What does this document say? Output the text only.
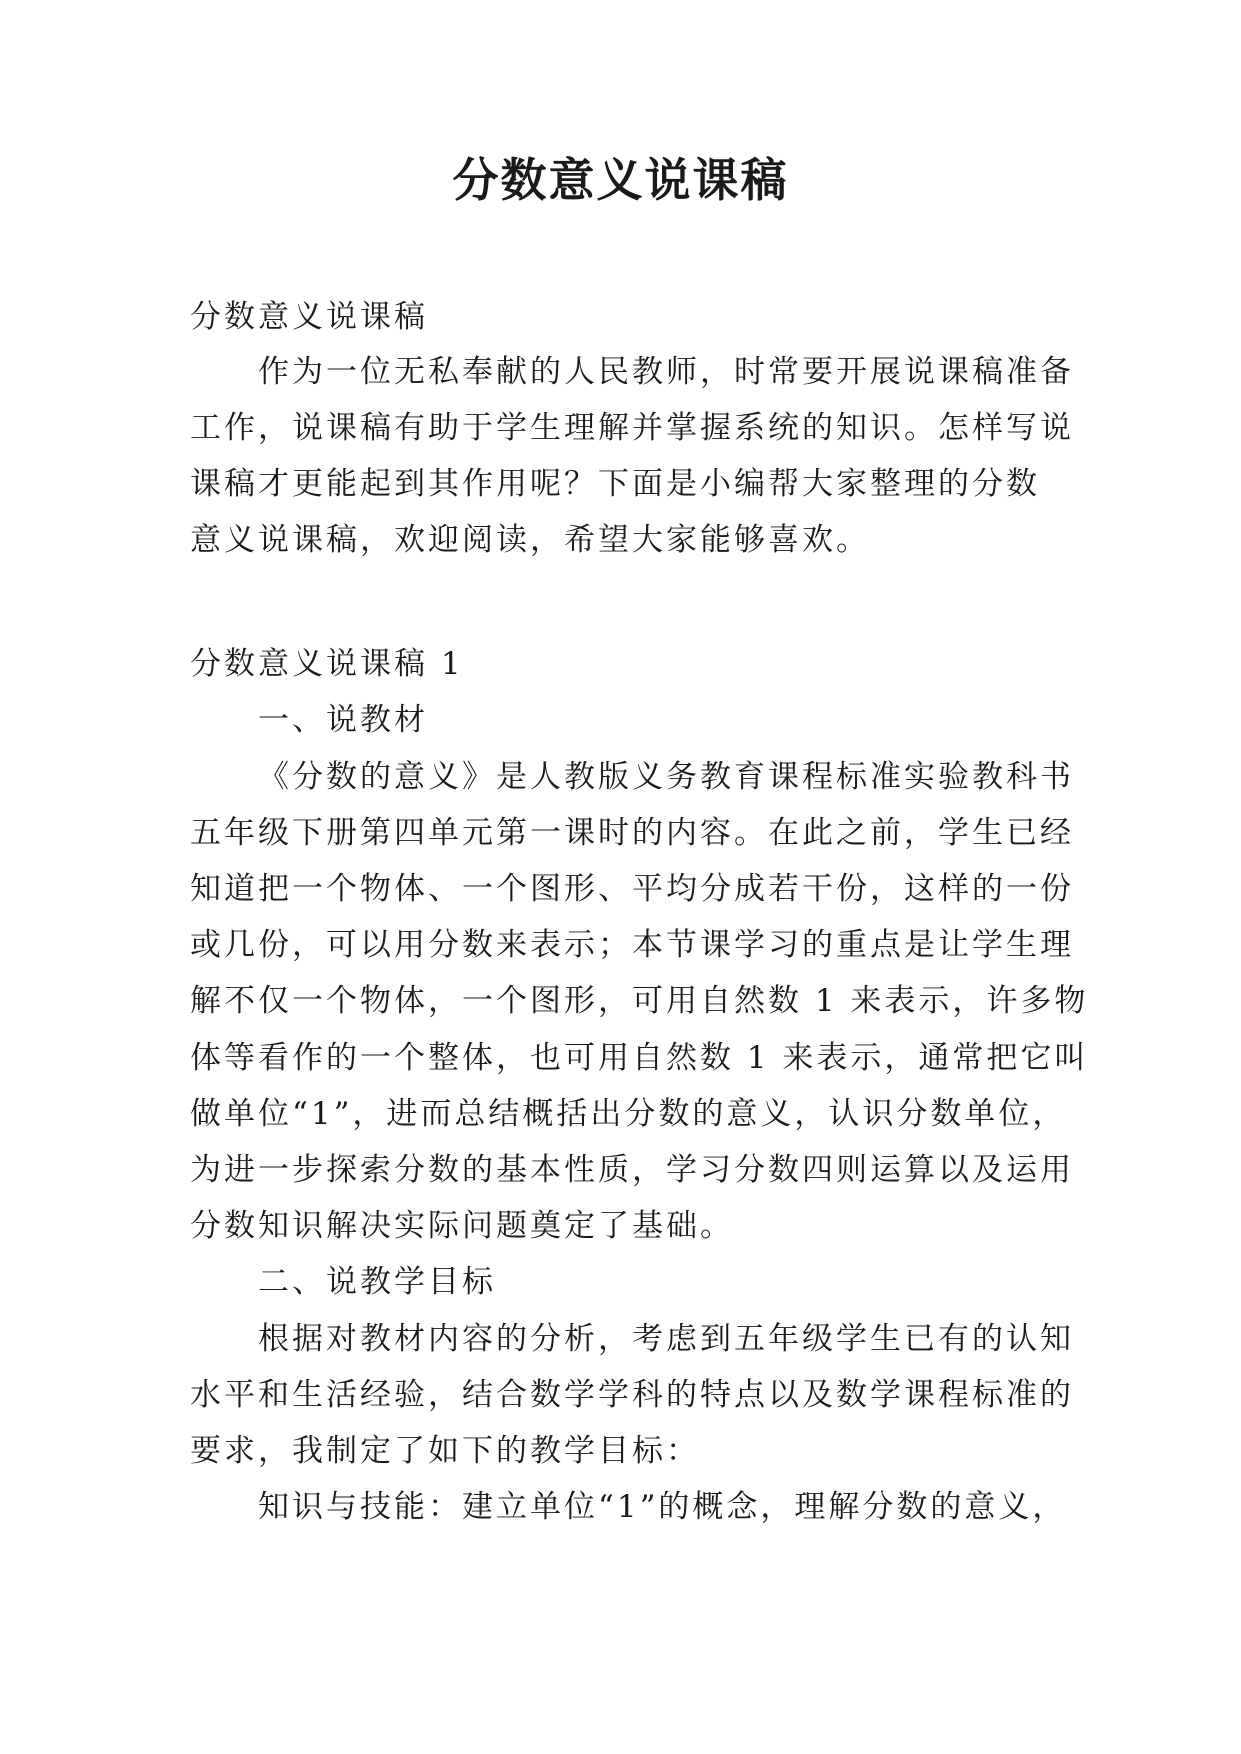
分数意义说课稿
分数意义说课稿
作为一位无私奉献的人民教师，时常要开展说课稿准备
工作，说课稿有助于学生理解并掌握系统的知识。怎样写说
课稿才更能起到其作用呢？下面是小编帮大家整理的分数
意义说课稿，欢迎阅读，希望大家能够喜欢。
分数意义说课稿 1
一、说教材
《分数的意义》是人教版义务教育课程标准实验教科书
五年级下册第四单元第一课时的内容。在此之前，学生已经
知道把一个物体、一个图形、平均分成若干份，这样的一份
或几份，可以用分数来表示；本节课学习的重点是让学生理
解不仅一个物体，一个图形，可用自然数 1 来表示，许多物
体等看作的一个整体，也可用自然数 1 来表示，通常把它叫
做单位“1”，进而总结概括出分数的意义，认识分数单位，
为进一步探索分数的基本性质，学习分数四则运算以及运用
分数知识解决实际问题奠定了基础。
二、说教学目标
根据对教材内容的分析，考虑到五年级学生已有的认知
水平和生活经验，结合数学学科的特点以及数学课程标准的
要求，我制定了如下的教学目标：
知识与技能：建立单位“1”的概念，理解分数的意义，
